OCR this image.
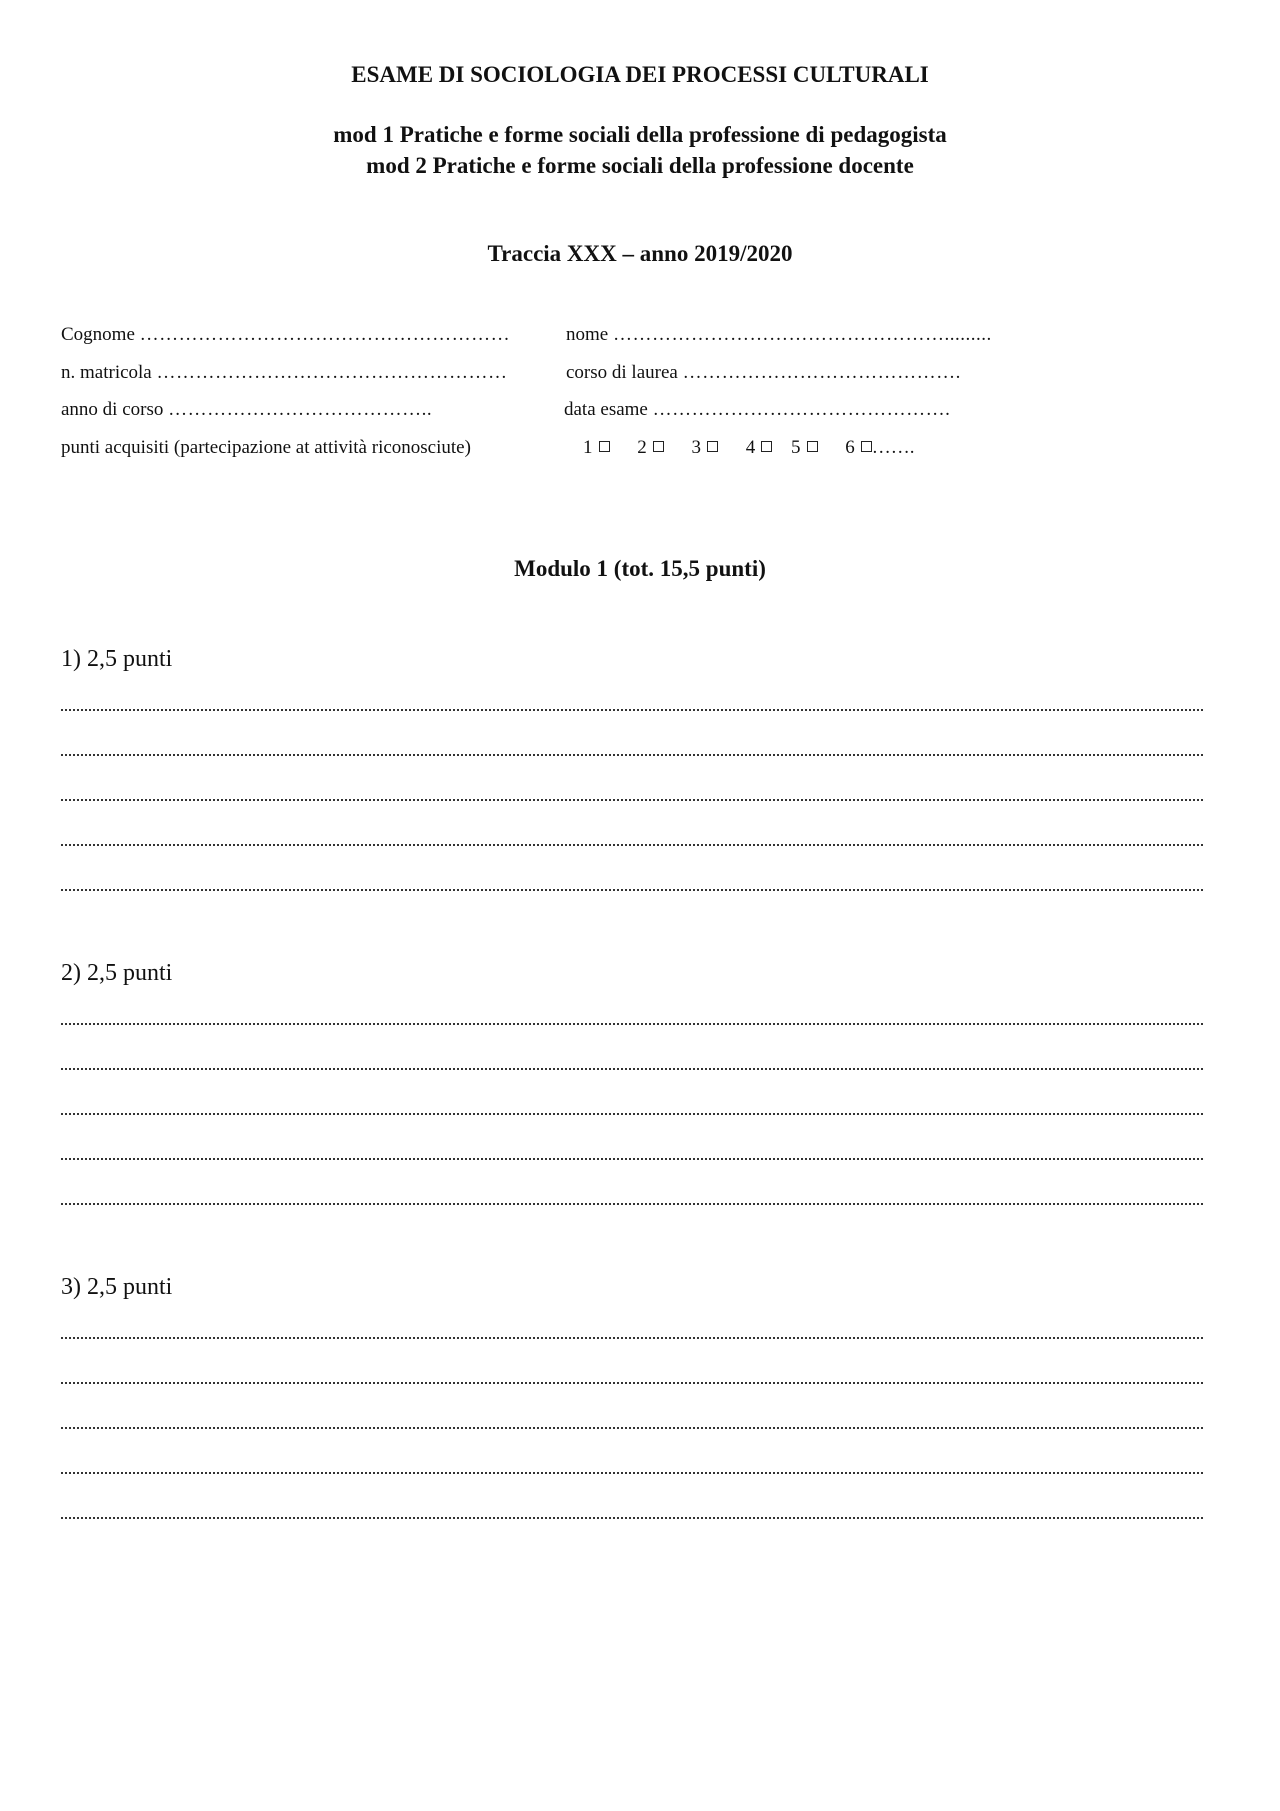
ESAME DI SOCIOLOGIA DEI PROCESSI CULTURALI
mod 1 Pratiche e forme sociali della professione di pedagogista
mod 2 Pratiche e forme sociali della professione docente
Traccia XXX – anno 2019/2020
Cognome …………………………………………………	nome …………………………………………….........
n. matricola ………………………………………………	corso di laurea …………………………………….
anno di corso …………………………………..	data esame ……………………………………….
punti acquisiti (partecipazione at attività riconosciute)	1 2 3 4 5 6 …….
Modulo 1 (tot. 15,5 punti)
1) 2,5 punti
2) 2,5 punti
3) 2,5 punti
